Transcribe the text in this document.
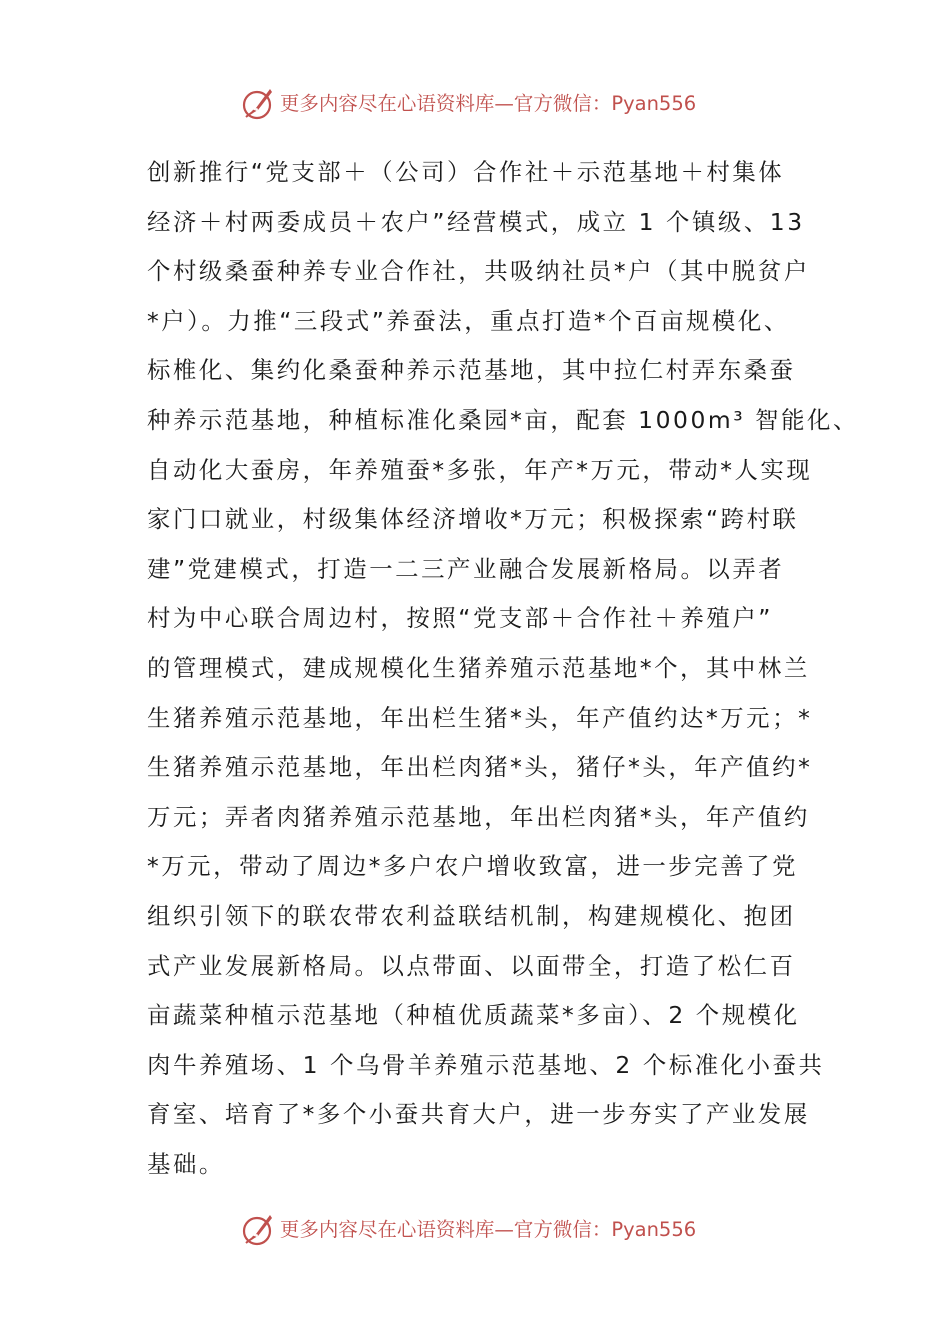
更多内容尽在心语资料库—官方微信：Pyan556
创新推行“党支部＋（公司）合作社＋示范基地＋村集体
经济＋村两委成员＋农户”经营模式，成立 1 个镇级、13
个村级桑蚕种养专业合作社，共吸纳社员*户（其中脱贫户
*户）。力推“三段式”养蚕法，重点打造*个百亩规模化、
标椎化、集约化桑蚕种养示范基地，其中拉仁村弄东桑蚕
种养示范基地，种植标准化桑园*亩，配套 1000m³ 智能化、
自动化大蚕房，年养殖蚕*多张，年产*万元，带动*人实现
家门口就业，村级集体经济增收*万元；积极探索“跨村联
建”党建模式，打造一二三产业融合发展新格局。以弄者
村为中心联合周边村，按照“党支部＋合作社＋养殖户”
的管理模式，建成规模化生猪养殖示范基地*个，其中林兰
生猪养殖示范基地，年出栏生猪*头，年产值约达*万元；*
生猪养殖示范基地，年出栏肉猪*头，猪仔*头，年产值约*
万元；弄者肉猪养殖示范基地，年出栏肉猪*头，年产值约
*万元，带动了周边*多户农户增收致富，进一步完善了党
组织引领下的联农带农利益联结机制，构建规模化、抱团
式产业发展新格局。以点带面、以面带全，打造了松仁百
亩蔬菜种植示范基地（种植优质蔬菜*多亩）、2 个规模化
肉牛养殖场、1 个乌骨羊养殖示范基地、2 个标准化小蚕共
育室、培育了*多个小蚕共育大户，进一步夯实了产业发展
基础。
更多内容尽在心语资料库—官方微信：Pyan556
